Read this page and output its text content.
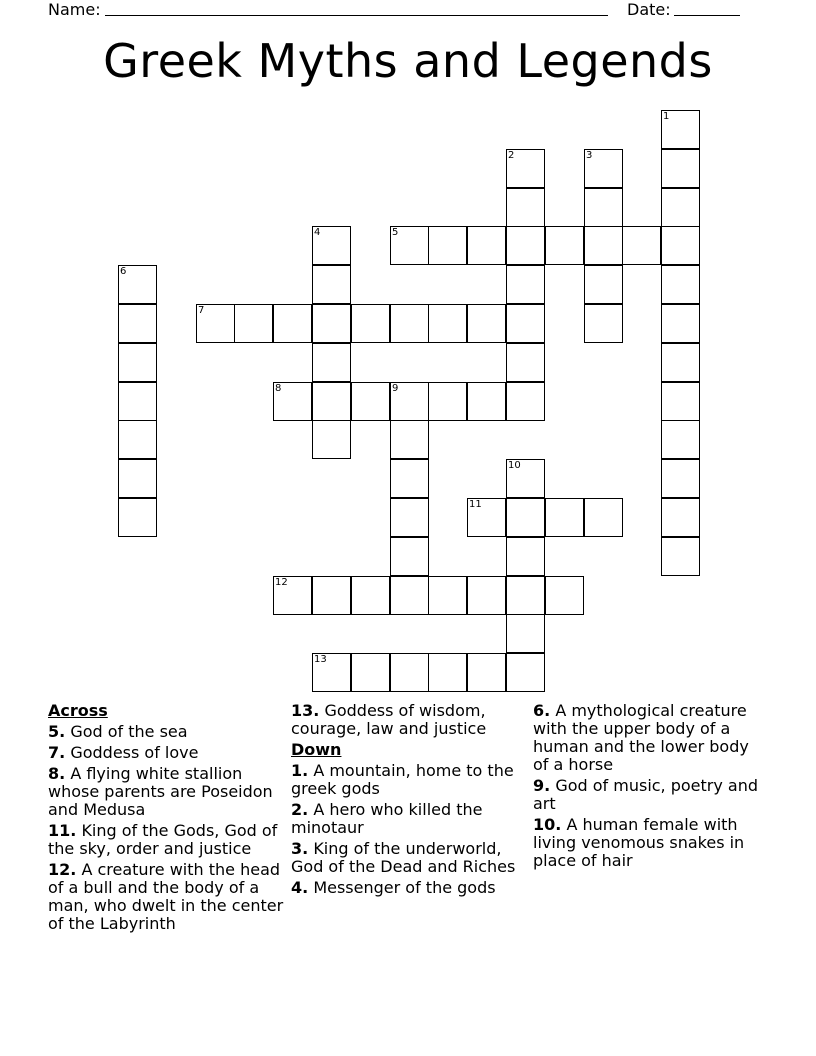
Name:	Date:
Greek Myths and Legends
1
2	3
4	5
6
7
8	9
10
11
12
13
Across
5. God of the sea
7. Goddess of love
8. A flying white stallion whose parents are Poseidon and Medusa
11. King of the Gods, God of the sky, order and justice
12. A creature with the head of a bull and the body of a man, who dwelt in the center of the Labyrinth
13. Goddess of wisdom, courage, law and justice
Down
1. A mountain, home to the greek gods
2. A hero who killed the minotaur
3. King of the underworld, God of the Dead and Riches
4. Messenger of the gods
6. A mythological creature with the upper body of a human and the lower body of a horse
9. God of music, poetry and art
10. A human female with living venomous snakes in place of hair
